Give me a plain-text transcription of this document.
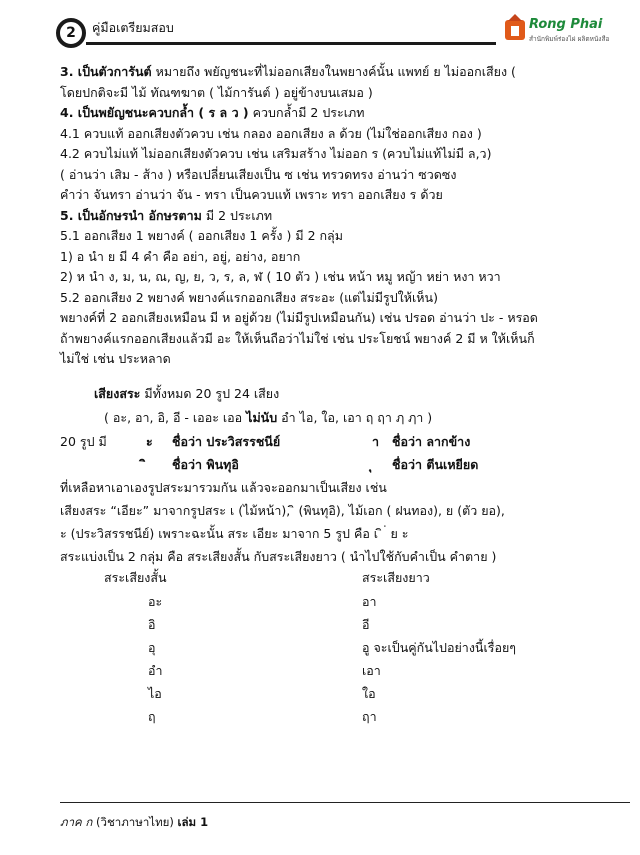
2	คู่มือเตรียมสอบ	Rong Phai
สำนักพิมพ์ร่องไผ่ ผลิตหนังสือ
3. เป็นตัวการันต์ หมายถึง พยัญชนะที่ไม่ออกเสียงในพยางค์นั้น แพทย์ ย ไม่ออกเสียง (
โดยปกติจะมี ไม้ ทัณฑฆาต ( ไม้การันต์ ) อยู่ข้างบนเสมอ )
4. เป็นพยัญชนะควบกล้ำ ( ร ล ว ) ควบกล้ำมี 2 ประเภท
4.1 ควบแท้ ออกเสียงตัวควบ เช่น กลอง ออกเสียง ล ด้วย (ไม่ใช่ออกเสียง กอง )
4.2 ควบไม่แท้ ไม่ออกเสียงตัวควบ เช่น เสริมสร้าง ไม่ออก ร (ควบไม่แท้ไม่มี ล,ว)
( อ่านว่า เสิม - ส้าง ) หรือเปลี่ยนเสียงเป็น ซ เช่น ทรวดทรง อ่านว่า ซวดซง
คำว่า จันทรา อ่านว่า จัน - ทรา เป็นควบแท้ เพราะ ทรา ออกเสียง ร ด้วย
5. เป็นอักษรนำ อักษรตาม มี 2 ประเภท
5.1 ออกเสียง 1 พยางค์ ( ออกเสียง 1 ครั้ง ) มี 2 กลุ่ม
1) อ นำ ย มี 4 คำ คือ อย่า, อยู่, อย่าง, อยาก
2) ห นำ ง, ม, น, ณ, ญ, ย, ว, ร, ล, ฬ ( 10 ตัว ) เช่น หน้า หมู หญ้า หย่า หงา หวา
5.2 ออกเสียง 2 พยางค์ พยางค์แรกออกเสียง สระอะ (แต่ไม่มีรูปให้เห็น)
พยางค์ที่ 2 ออกเสียงเหมือน มี ห อยู่ด้วย (ไม่มีรูปเหมือนกัน) เช่น ปรอด อ่านว่า ปะ - หรอด
ถ้าพยางค์แรกออกเสียงแล้วมี อะ ให้เห็นถือว่าไม่ใช่ เช่น ประโยชน์ พยางค์ 2 มี ห ให้เห็นก็
ไม่ใช่ เช่น ประหลาด
เสียงสระ มีทั้งหมด 20 รูป 24 เสียง
( อะ, อา, อิ, อี - เออะ เออ ไม่นับ อำ ไอ, ใอ, เอา ฤ ฤา ฦ ฦา )
20 รูป มี	ะ ชื่อว่า ประวิสรรชนีย์	า ชื่อว่า ลากข้าง
ชื่อว่า พินทุอิ	ชื่อว่า ตีนเหยียด
ที่เหลือหาเอาเองรูปสระมารวมกัน แล้วจะออกมาเป็นเสียง เช่น
เสียงสระ “เอียะ” มาจากรูปสระ เ (ไม้หน้า), ิ (พินทุอิ), ไม้เอก ( ฝนทอง), ย (ตัว ยอ),
ะ (ประวิสรรชนีย์) เพราะฉะนั้น สระ เอียะ มาจาก 5 รูป คือ เ ิ ่ ย ะ
สระแบ่งเป็น 2 กลุ่ม คือ สระเสียงสั้น กับสระเสียงยาว ( นำไปใช้กับคำเป็น คำตาย )
สระเสียงสั้น	สระเสียงยาว
อะ	อา
อิ	อี
อุ	อู จะเป็นคู่กันไปอย่างนี้เรื่อยๆ
อำ	เอา
ไอ	ใอ
ฤ	ฤา
ภาค ก (วิชาภาษาไทย) เล่ม 1
